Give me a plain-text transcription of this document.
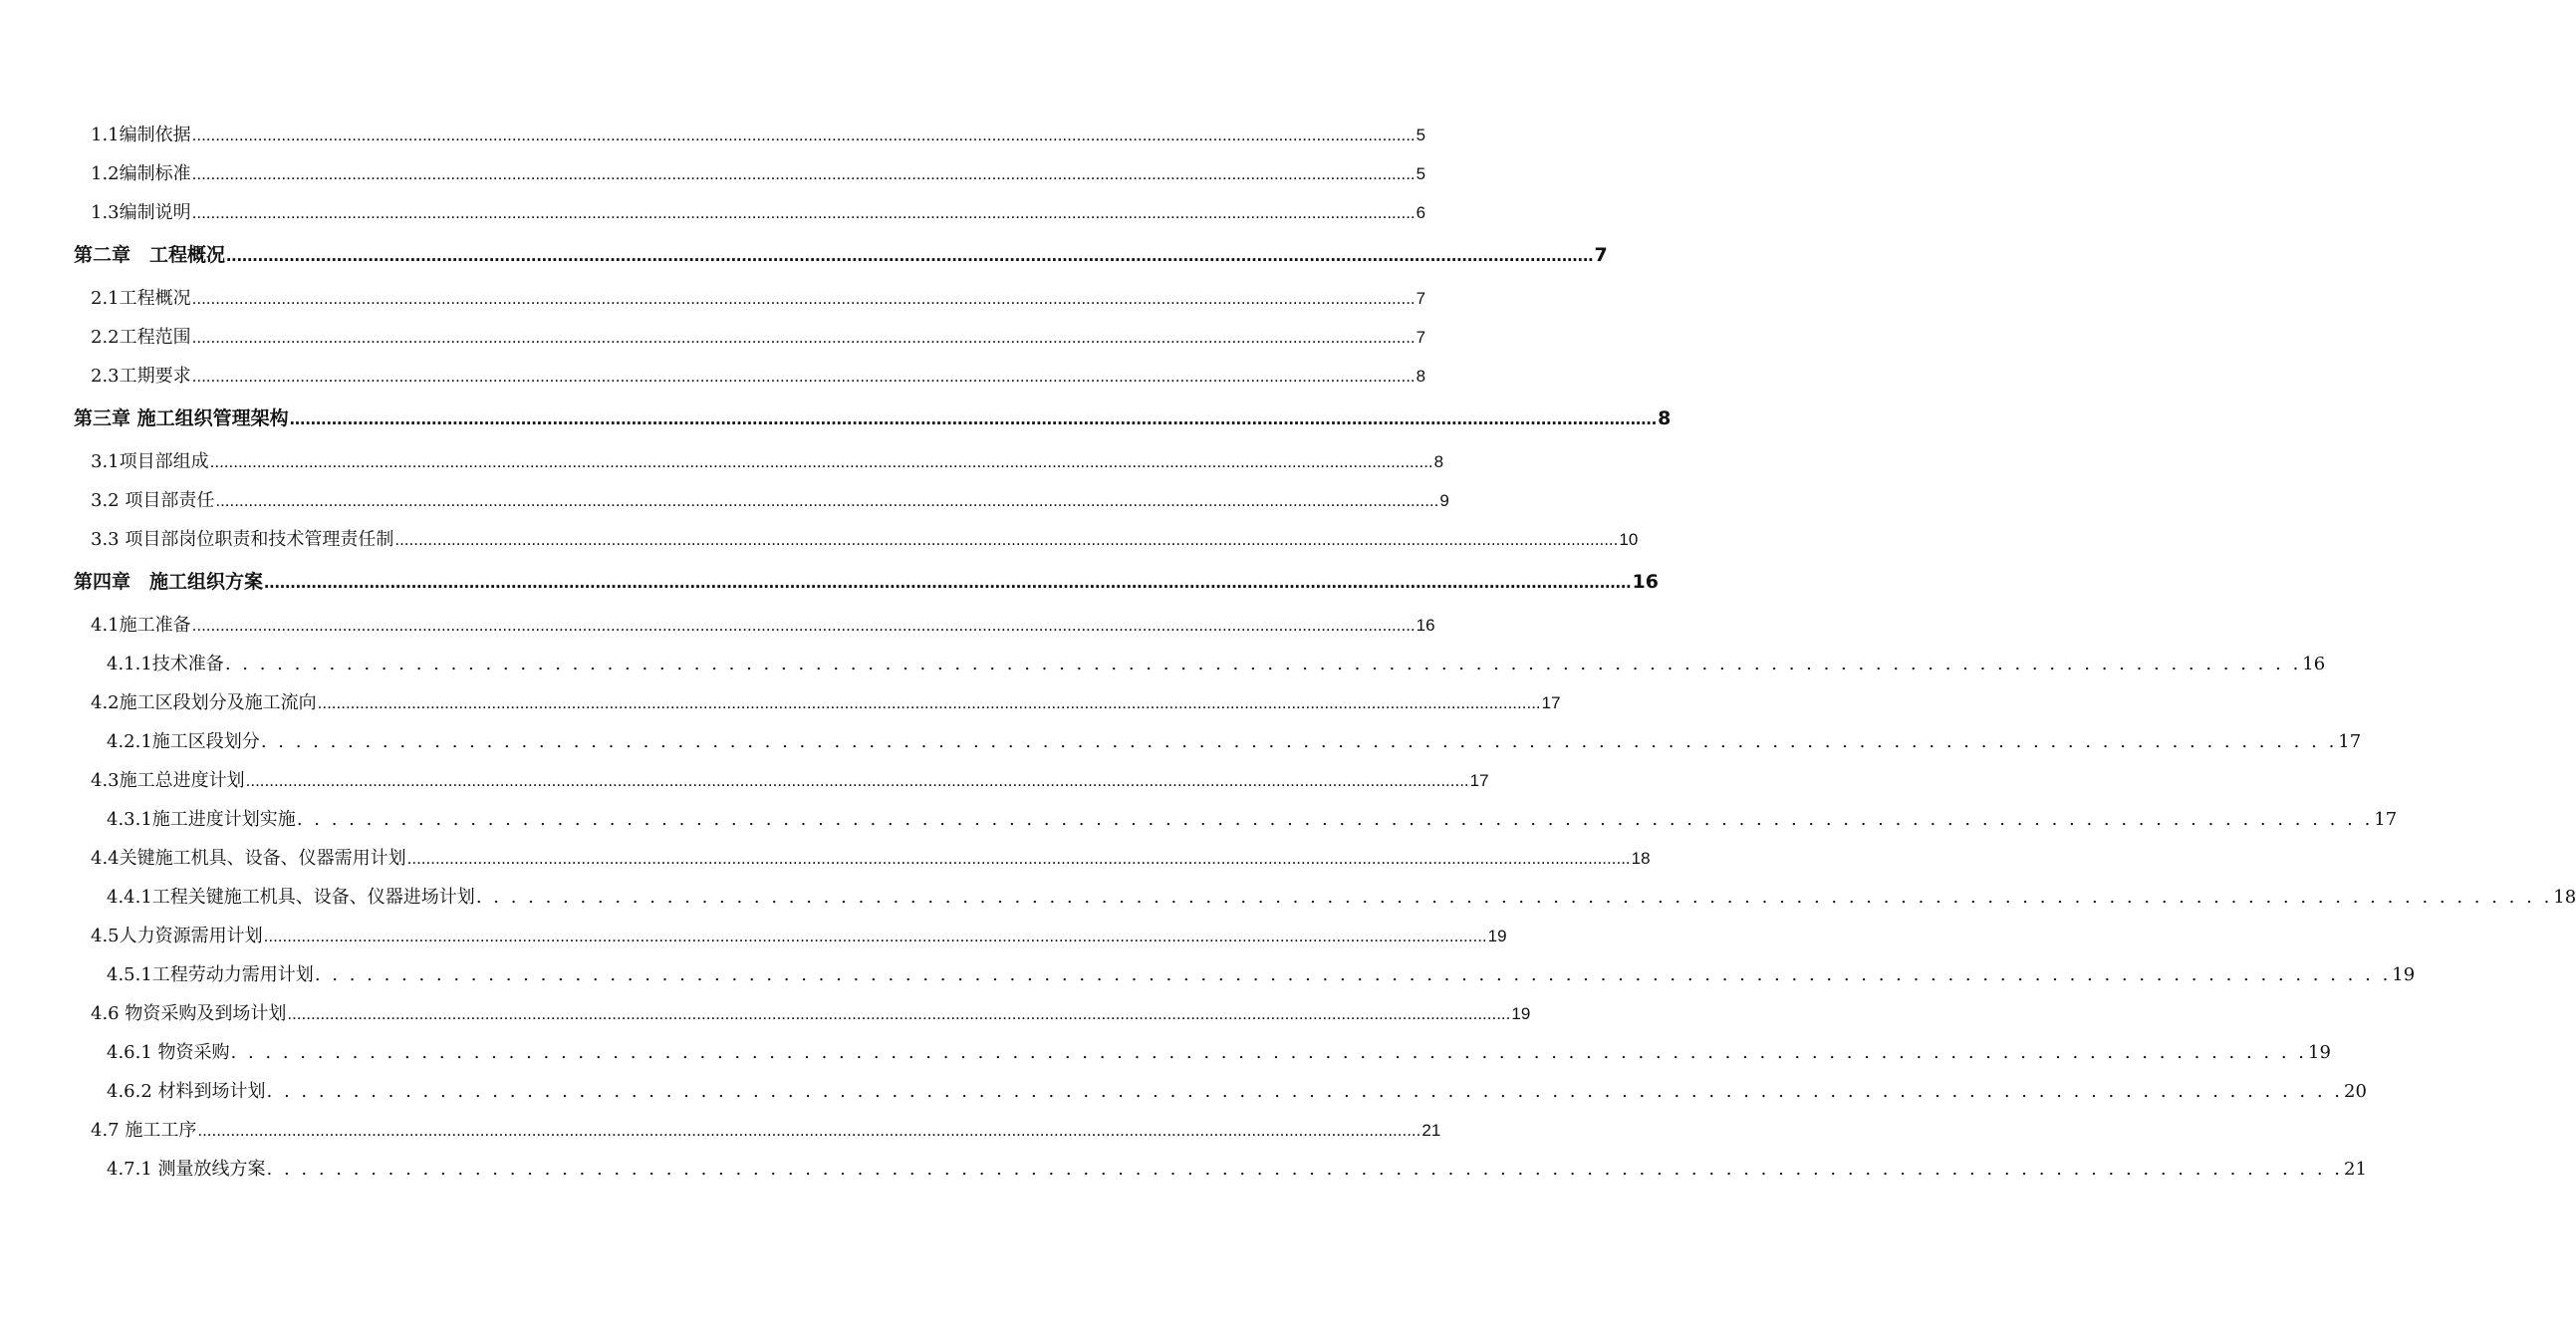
1.1编制依据 .................................................................................................................................................................................................................................................................... 5
1.2编制标准 .................................................................................................................................................................................................................................................................... 5
1.3编制说明 .................................................................................................................................................................................................................................................................... 6
第二章　工程概况 .................................................................................................................................................................................................................................................................... 7
2.1工程概况 .................................................................................................................................................................................................................................................................... 7
2.2工程范围 .................................................................................................................................................................................................................................................................... 7
2.3工期要求 .................................................................................................................................................................................................................................................................... 8
第三章 施工组织管理架构 .................................................................................................................................................................................................................................................................... 8
3.1项目部组成 .................................................................................................................................................................................................................................................................... 8
3.2 项目部责任 .................................................................................................................................................................................................................................................................... 9
3.3 项目部岗位职责和技术管理责任制 .................................................................................................................................................................................................................................................................... 10
第四章　施工组织方案 .................................................................................................................................................................................................................................................................... 16
4.1施工准备 .................................................................................................................................................................................................................................................................... 16
4.1.1技术准备 . . . . . . . . . . . . . . . . . . . . . . . . . . . . . . . . . . . . . . . . . . . . . . . . . . . . . . . . . . . . . . . . . . . . . . . . . . . . . . . . . . . . . . . . . . . . . . . . . . . . . . . . . . . . . . . . . . . . . . . . 16
4.2施工区段划分及施工流向 .................................................................................................................................................................................................................................................................... 17
4.2.1施工区段划分 . . . . . . . . . . . . . . . . . . . . . . . . . . . . . . . . . . . . . . . . . . . . . . . . . . . . . . . . . . . . . . . . . . . . . . . . . . . . . . . . . . . . . . . . . . . . . . . . . . . . . . . . . . . . . . . . . . . . . . . . 17
4.3施工总进度计划 .................................................................................................................................................................................................................................................................... 17
4.3.1施工进度计划实施 . . . . . . . . . . . . . . . . . . . . . . . . . . . . . . . . . . . . . . . . . . . . . . . . . . . . . . . . . . . . . . . . . . . . . . . . . . . . . . . . . . . . . . . . . . . . . . . . . . . . . . . . . . . . . . . . . . . . . . . . 17
4.4关键施工机具、设备、仪器需用计划 .................................................................................................................................................................................................................................................................... 18
4.4.1工程关键施工机具、设备、仪器进场计划 . . . . . . . . . . . . . . . . . . . . . . . . . . . . . . . . . . . . . . . . . . . . . . . . . . . . . . . . . . . . . . . . . . . . . . . . . . . . . . . . . . . . . . . . . . . . . . . . . . . . . . . . . . . . . . . . . . . . . . . . 18
4.5人力资源需用计划 .................................................................................................................................................................................................................................................................... 19
4.5.1工程劳动力需用计划 . . . . . . . . . . . . . . . . . . . . . . . . . . . . . . . . . . . . . . . . . . . . . . . . . . . . . . . . . . . . . . . . . . . . . . . . . . . . . . . . . . . . . . . . . . . . . . . . . . . . . . . . . . . . . . . . . . . . . . . . 19
4.6 物资采购及到场计划 .................................................................................................................................................................................................................................................................... 19
4.6.1 物资采购 . . . . . . . . . . . . . . . . . . . . . . . . . . . . . . . . . . . . . . . . . . . . . . . . . . . . . . . . . . . . . . . . . . . . . . . . . . . . . . . . . . . . . . . . . . . . . . . . . . . . . . . . . . . . . . . . . . . . . . . . 19
4.6.2 材料到场计划 . . . . . . . . . . . . . . . . . . . . . . . . . . . . . . . . . . . . . . . . . . . . . . . . . . . . . . . . . . . . . . . . . . . . . . . . . . . . . . . . . . . . . . . . . . . . . . . . . . . . . . . . . . . . . . . . . . . . . . . . 20
4.7 施工工序 .................................................................................................................................................................................................................................................................... 21
4.7.1 测量放线方案 . . . . . . . . . . . . . . . . . . . . . . . . . . . . . . . . . . . . . . . . . . . . . . . . . . . . . . . . . . . . . . . . . . . . . . . . . . . . . . . . . . . . . . . . . . . . . . . . . . . . . . . . . . . . . . . . . . . . . . . . 21
